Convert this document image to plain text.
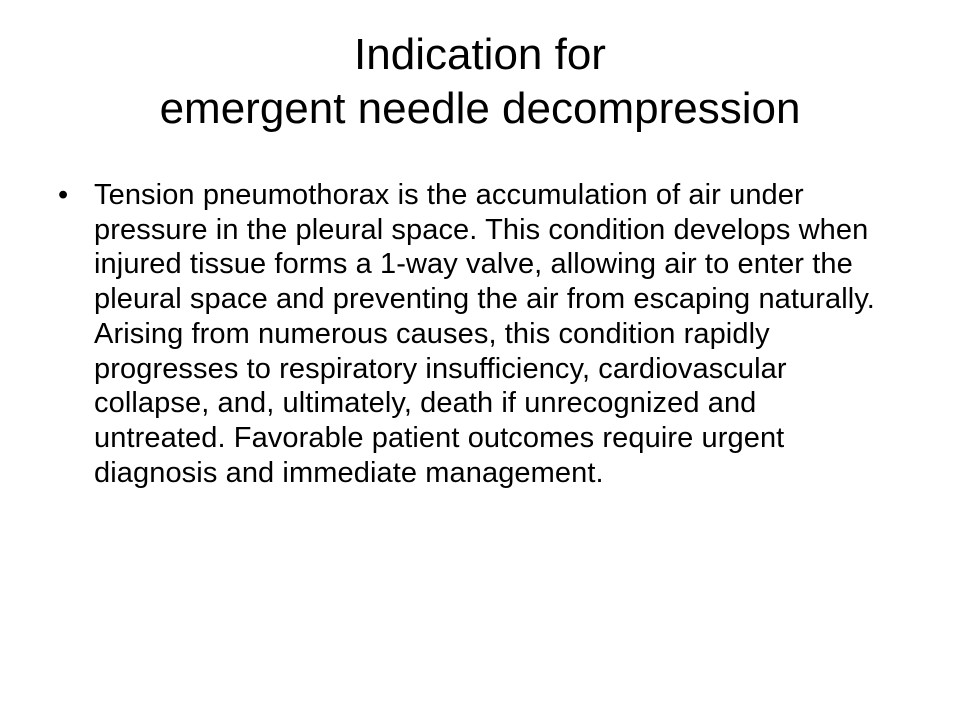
Indication for
emergent needle decompression
• Tension pneumothorax is the accumulation of air under pressure in the pleural space. This condition develops when injured tissue forms a 1-way valve, allowing air to enter the pleural space and preventing the air from escaping naturally. Arising from numerous causes, this condition rapidly progresses to respiratory insufficiency, cardiovascular collapse, and, ultimately, death if unrecognized and untreated. Favorable patient outcomes require urgent diagnosis and immediate management.
